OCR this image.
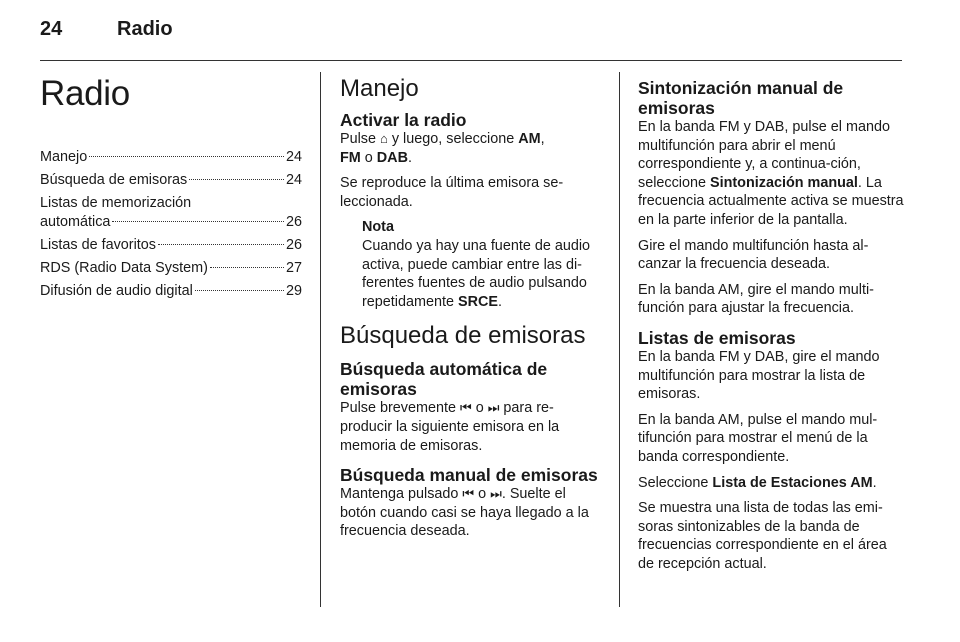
24	Radio
Radio
Manejo	24
Búsqueda de emisoras	24
Listas de memorización
automática	26
Listas de favoritos	26
RDS (Radio Data System)	27
Difusión de audio digital	29
Manejo
Activar la radio

Pulse ⌂ y luego, seleccione AM,
FM o DAB.

Se reproduce la última emisora se-leccionada.

Nota

Cuando ya hay una fuente de audio activa, puede cambiar entre las di-ferentes fuentes de audio pulsando repetidamente SRCE.

Búsqueda de emisoras
Búsqueda automática de emisoras

Pulse brevemente ⏮ o ⏭ para re-producir la siguiente emisora en la memoria de emisoras.

Búsqueda manual de emisoras

Mantenga pulsado ⏮ o ⏭. Suelte el botón cuando casi se haya llegado a la frecuencia deseada.

Sintonización manual de emisoras

En la banda FM y DAB, pulse el mando multifunción para abrir el menú correspondiente y, a continua-ción, seleccione Sintonización manual. La frecuencia actualmente activa se muestra en la parte inferior de la pantalla.

Gire el mando multifunción hasta al-canzar la frecuencia deseada.

En la banda AM, gire el mando multi-función para ajustar la frecuencia.

Listas de emisoras

En la banda FM y DAB, gire el mando multifunción para mostrar la lista de emisoras.

En la banda AM, pulse el mando mul-tifunción para mostrar el menú de la banda correspondiente.

Seleccione Lista de Estaciones AM.

Se muestra una lista de todas las emi-soras sintonizables de la banda de frecuencias correspondiente en el área de recepción actual.
